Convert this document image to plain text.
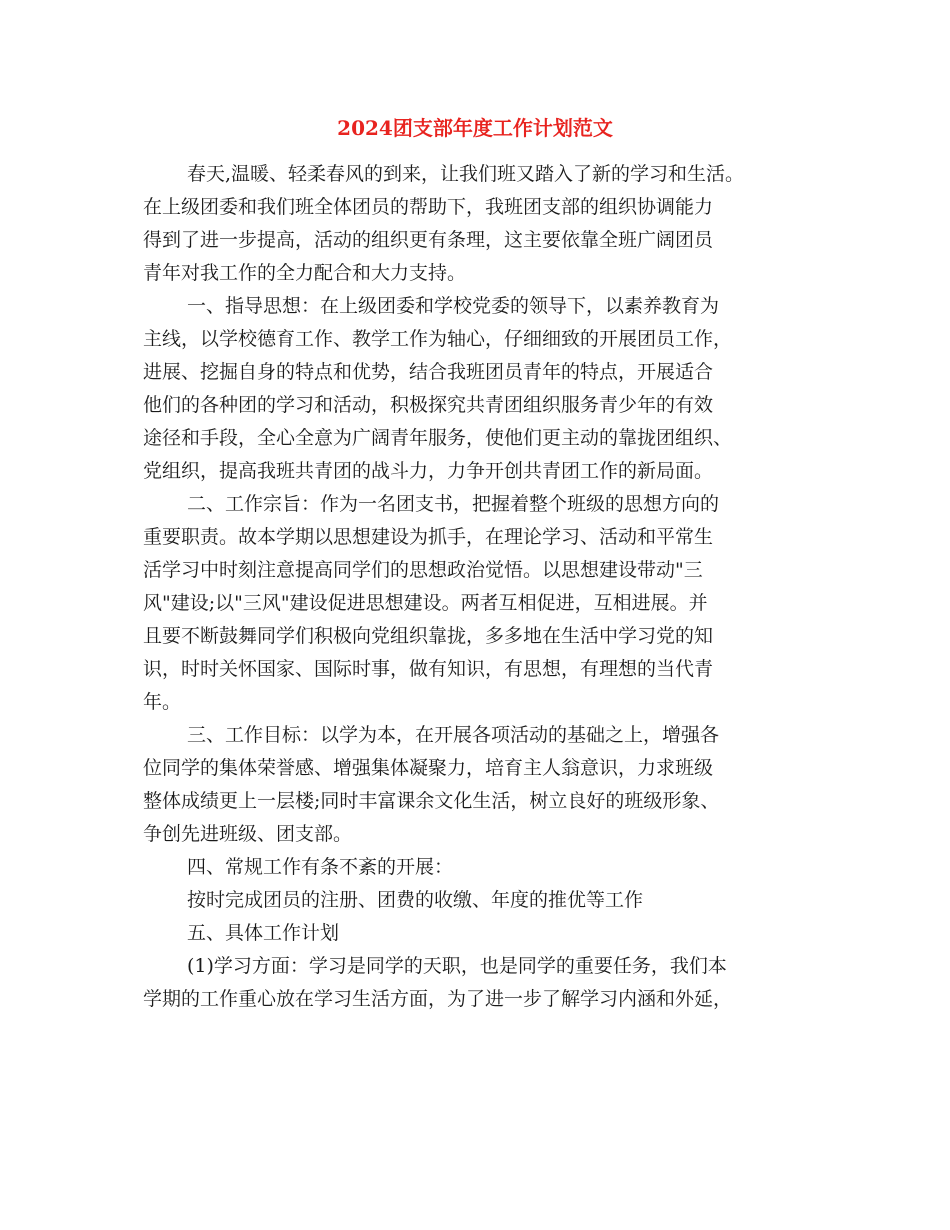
2024团支部年度工作计划范文

春天,温暖、轻柔春风的到来，让我们班又踏入了新的学习和生活。

在上级团委和我们班全体团员的帮助下，我班团支部的组织协调能力

得到了进一步提高，活动的组织更有条理，这主要依靠全班广阔团员

青年对我工作的全力配合和大力支持。

一、指导思想：在上级团委和学校党委的领导下，以素养教育为

主线，以学校德育工作、教学工作为轴心，仔细细致的开展团员工作，

进展、挖掘自身的特点和优势，结合我班团员青年的特点，开展适合

他们的各种团的学习和活动，积极探究共青团组织服务青少年的有效

途径和手段，全心全意为广阔青年服务，使他们更主动的靠拢团组织、

党组织，提高我班共青团的战斗力，力争开创共青团工作的新局面。

二、工作宗旨：作为一名团支书，把握着整个班级的思想方向的

重要职责。故本学期以思想建设为抓手，在理论学习、活动和平常生

活学习中时刻注意提高同学们的思想政治觉悟。以思想建设带动"三

风"建设;以"三风"建设促进思想建设。两者互相促进，互相进展。并

且要不断鼓舞同学们积极向党组织靠拢，多多地在生活中学习党的知

识，时时关怀国家、国际时事，做有知识，有思想，有理想的当代青

年。

三、工作目标：以学为本，在开展各项活动的基础之上，增强各

位同学的集体荣誉感、增强集体凝聚力，培育主人翁意识，力求班级

整体成绩更上一层楼;同时丰富课余文化生活，树立良好的班级形象、

争创先进班级、团支部。

四、常规工作有条不紊的开展：

按时完成团员的注册、团费的收缴、年度的推优等工作

五、具体工作计划

(1)学习方面：学习是同学的天职，也是同学的重要任务，我们本

学期的工作重心放在学习生活方面，为了进一步了解学习内涵和外延，
